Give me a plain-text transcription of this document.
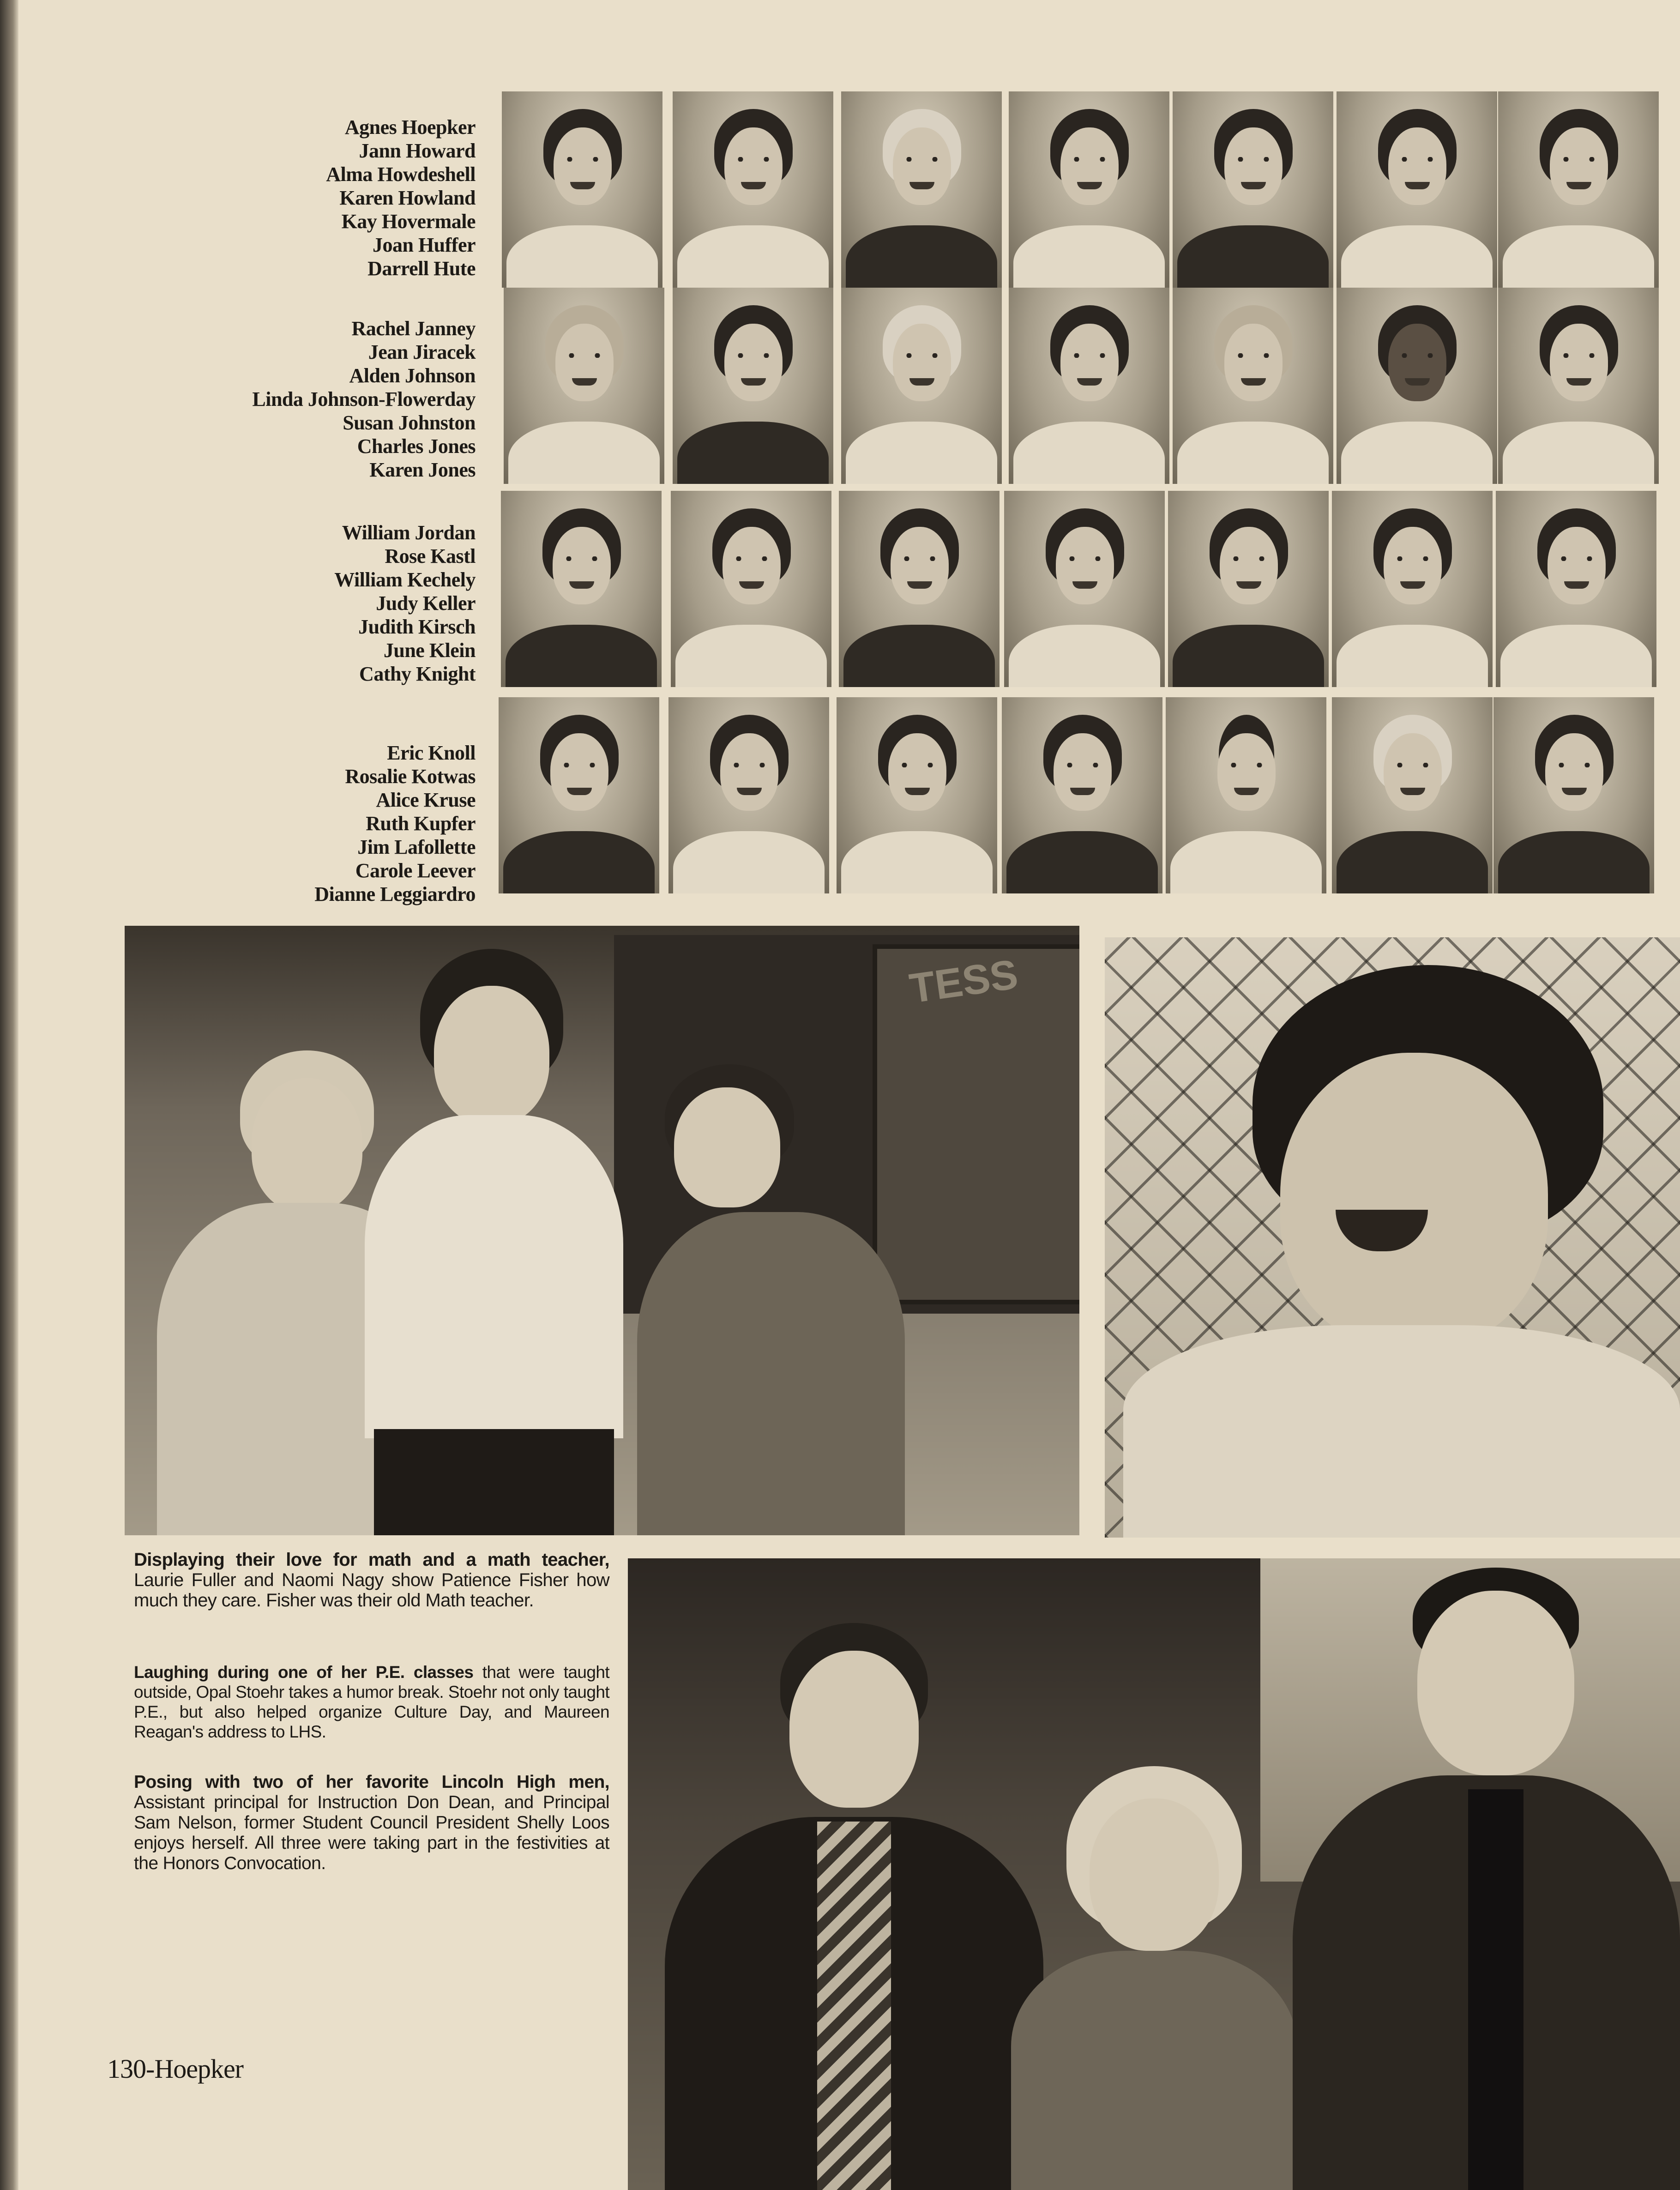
Agnes Hoepker
Jann Howard
Alma Howdeshell
Karen Howland
Kay Hovermale
Joan Huffer
Darrell Hute
Rachel Janney
Jean Jiracek
Alden Johnson
Linda Johnson-Flowerday
Susan Johnston
Charles Jones
Karen Jones
William Jordan
Rose Kastl
William Kechely
Judy Keller
Judith Kirsch
June Klein
Cathy Knight
Eric Knoll
Rosalie Kotwas
Alice Kruse
Ruth Kupfer
Jim Lafollette
Carole Leever
Dianne Leggiardro
TESS
Displaying their love for math and a math teacher, Laurie Fuller and Naomi Nagy show Patience Fisher how much they care. Fisher was their old Math teacher.
Laughing during one of her P.E. classes that were taught outside, Opal Stoehr takes a humor break. Stoehr not only taught P.E., but also helped organize Culture Day, and Maureen Reagan's address to LHS.
Posing with two of her favorite Lincoln High men, Assistant principal for Instruction Don Dean, and Principal Sam Nelson, former Student Council President Shelly Loos enjoys herself. All three were taking part in the festivities at the Honors Convocation.
130-Hoepker
